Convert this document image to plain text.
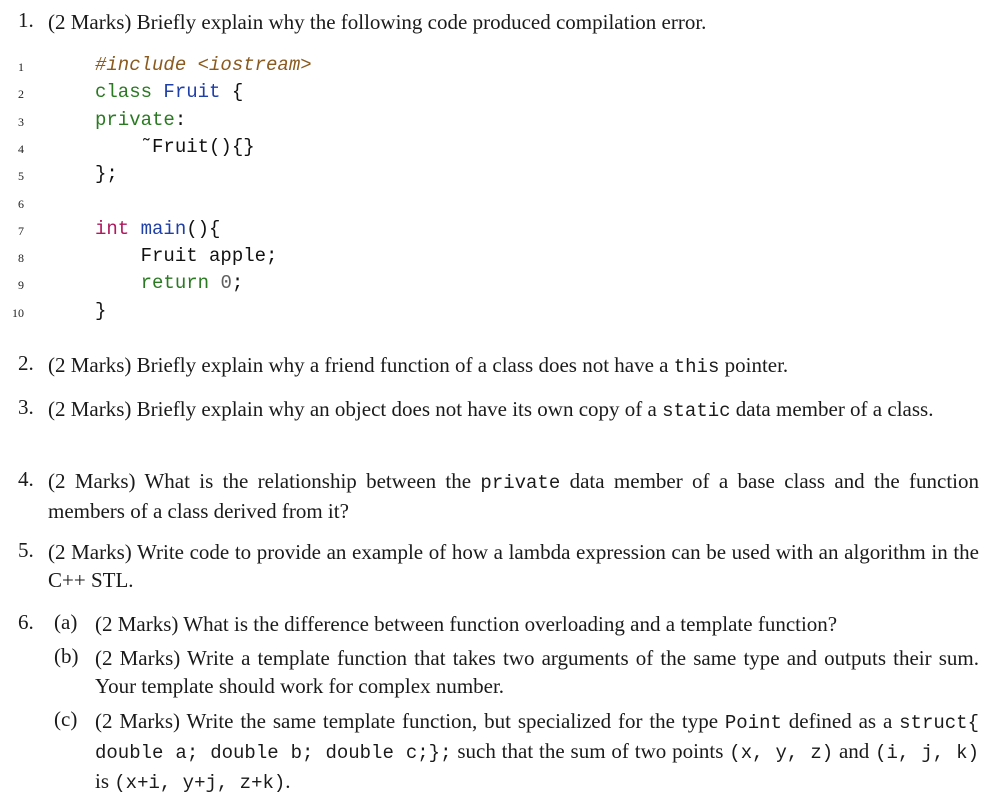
1. (2 Marks) Briefly explain why the following code produced compilation error.
1	#include <iostream>
2	class Fruit {
3	private:
4	˜Fruit(){}
5	};
6
7	int main(){
8	Fruit apple;
9	return 0;
10	}
2. (2 Marks) Briefly explain why a friend function of a class does not have a this pointer.
3. (2 Marks) Briefly explain why an object does not have its own copy of a static data member of a class.
4. (2 Marks) What is the relationship between the private data member of a base class and the function members of a class derived from it?
5. (2 Marks) Write code to provide an example of how a lambda expression can be used with an algorithm in the C++ STL.
6. (a) (2 Marks) What is the difference between function overloading and a template function?
(b) (2 Marks) Write a template function that takes two arguments of the same type and outputs their sum. Your template should work for complex number.
(c) (2 Marks) Write the same template function, but specialized for the type Point defined as a struct{ double a; double b; double c;}; such that the sum of two points (x, y, z) and (i, j, k) is (x+i, y+j, z+k).
